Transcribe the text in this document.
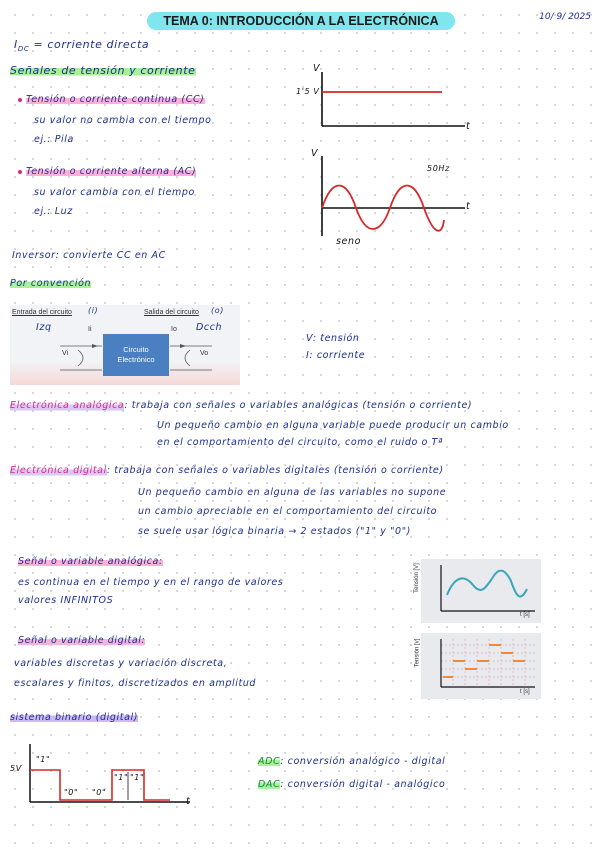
TEMA 0: INTRODUCCIÓN A LA ELECTRÓNICA	10/ 9/ 2025
$I_{DC}$ = corriente directa
Señales de tensión y corriente
Tensión o corriente continua (CC)
su valor no cambia con el tiempo
ej.: Pila
Tensión o corriente alterna (AC)
su valor cambia con el tiempo
ej.: Luz
V
t
1'5 V
V
t
50Hz
seno
Inversor: convierte CC en AC
Por convención
Entrada del circuito (i)
Izq
Salida del circuito (o)
Dcch
Ii	Io
Vi	Vo
Circuito
Electrónico
V: tensión
I: corriente
Electrónica analógica: trabaja con señales o variables analógicas (tensión o corriente)
Un pequeño cambio en alguna variable puede producir un cambio
en el comportamiento del circuito, como el ruido o Tª
Electrónica digital: trabaja con señales o variables digitales (tensión o corriente)
Un pequeño cambio en alguna de las variables no supone
un cambio apreciable en el comportamiento del circuito
se suele usar lógica binaria → 2 estados ("1" y "0")
Señal o variable analógica:
es continua en el tiempo y en el rango de valores
valores INFINITOS
Tensión [V]
t [s]
Señal o variable digital:
variables discretas y variación discreta,
escalares y finitos, discretizados en amplitud
Tensión [v]
t [s]
sistema binario (digital)
5V
t
"1"
"0" "0"
"1" "1"
ADC: conversión analógico - digital
DAC: conversión digital - analógico
